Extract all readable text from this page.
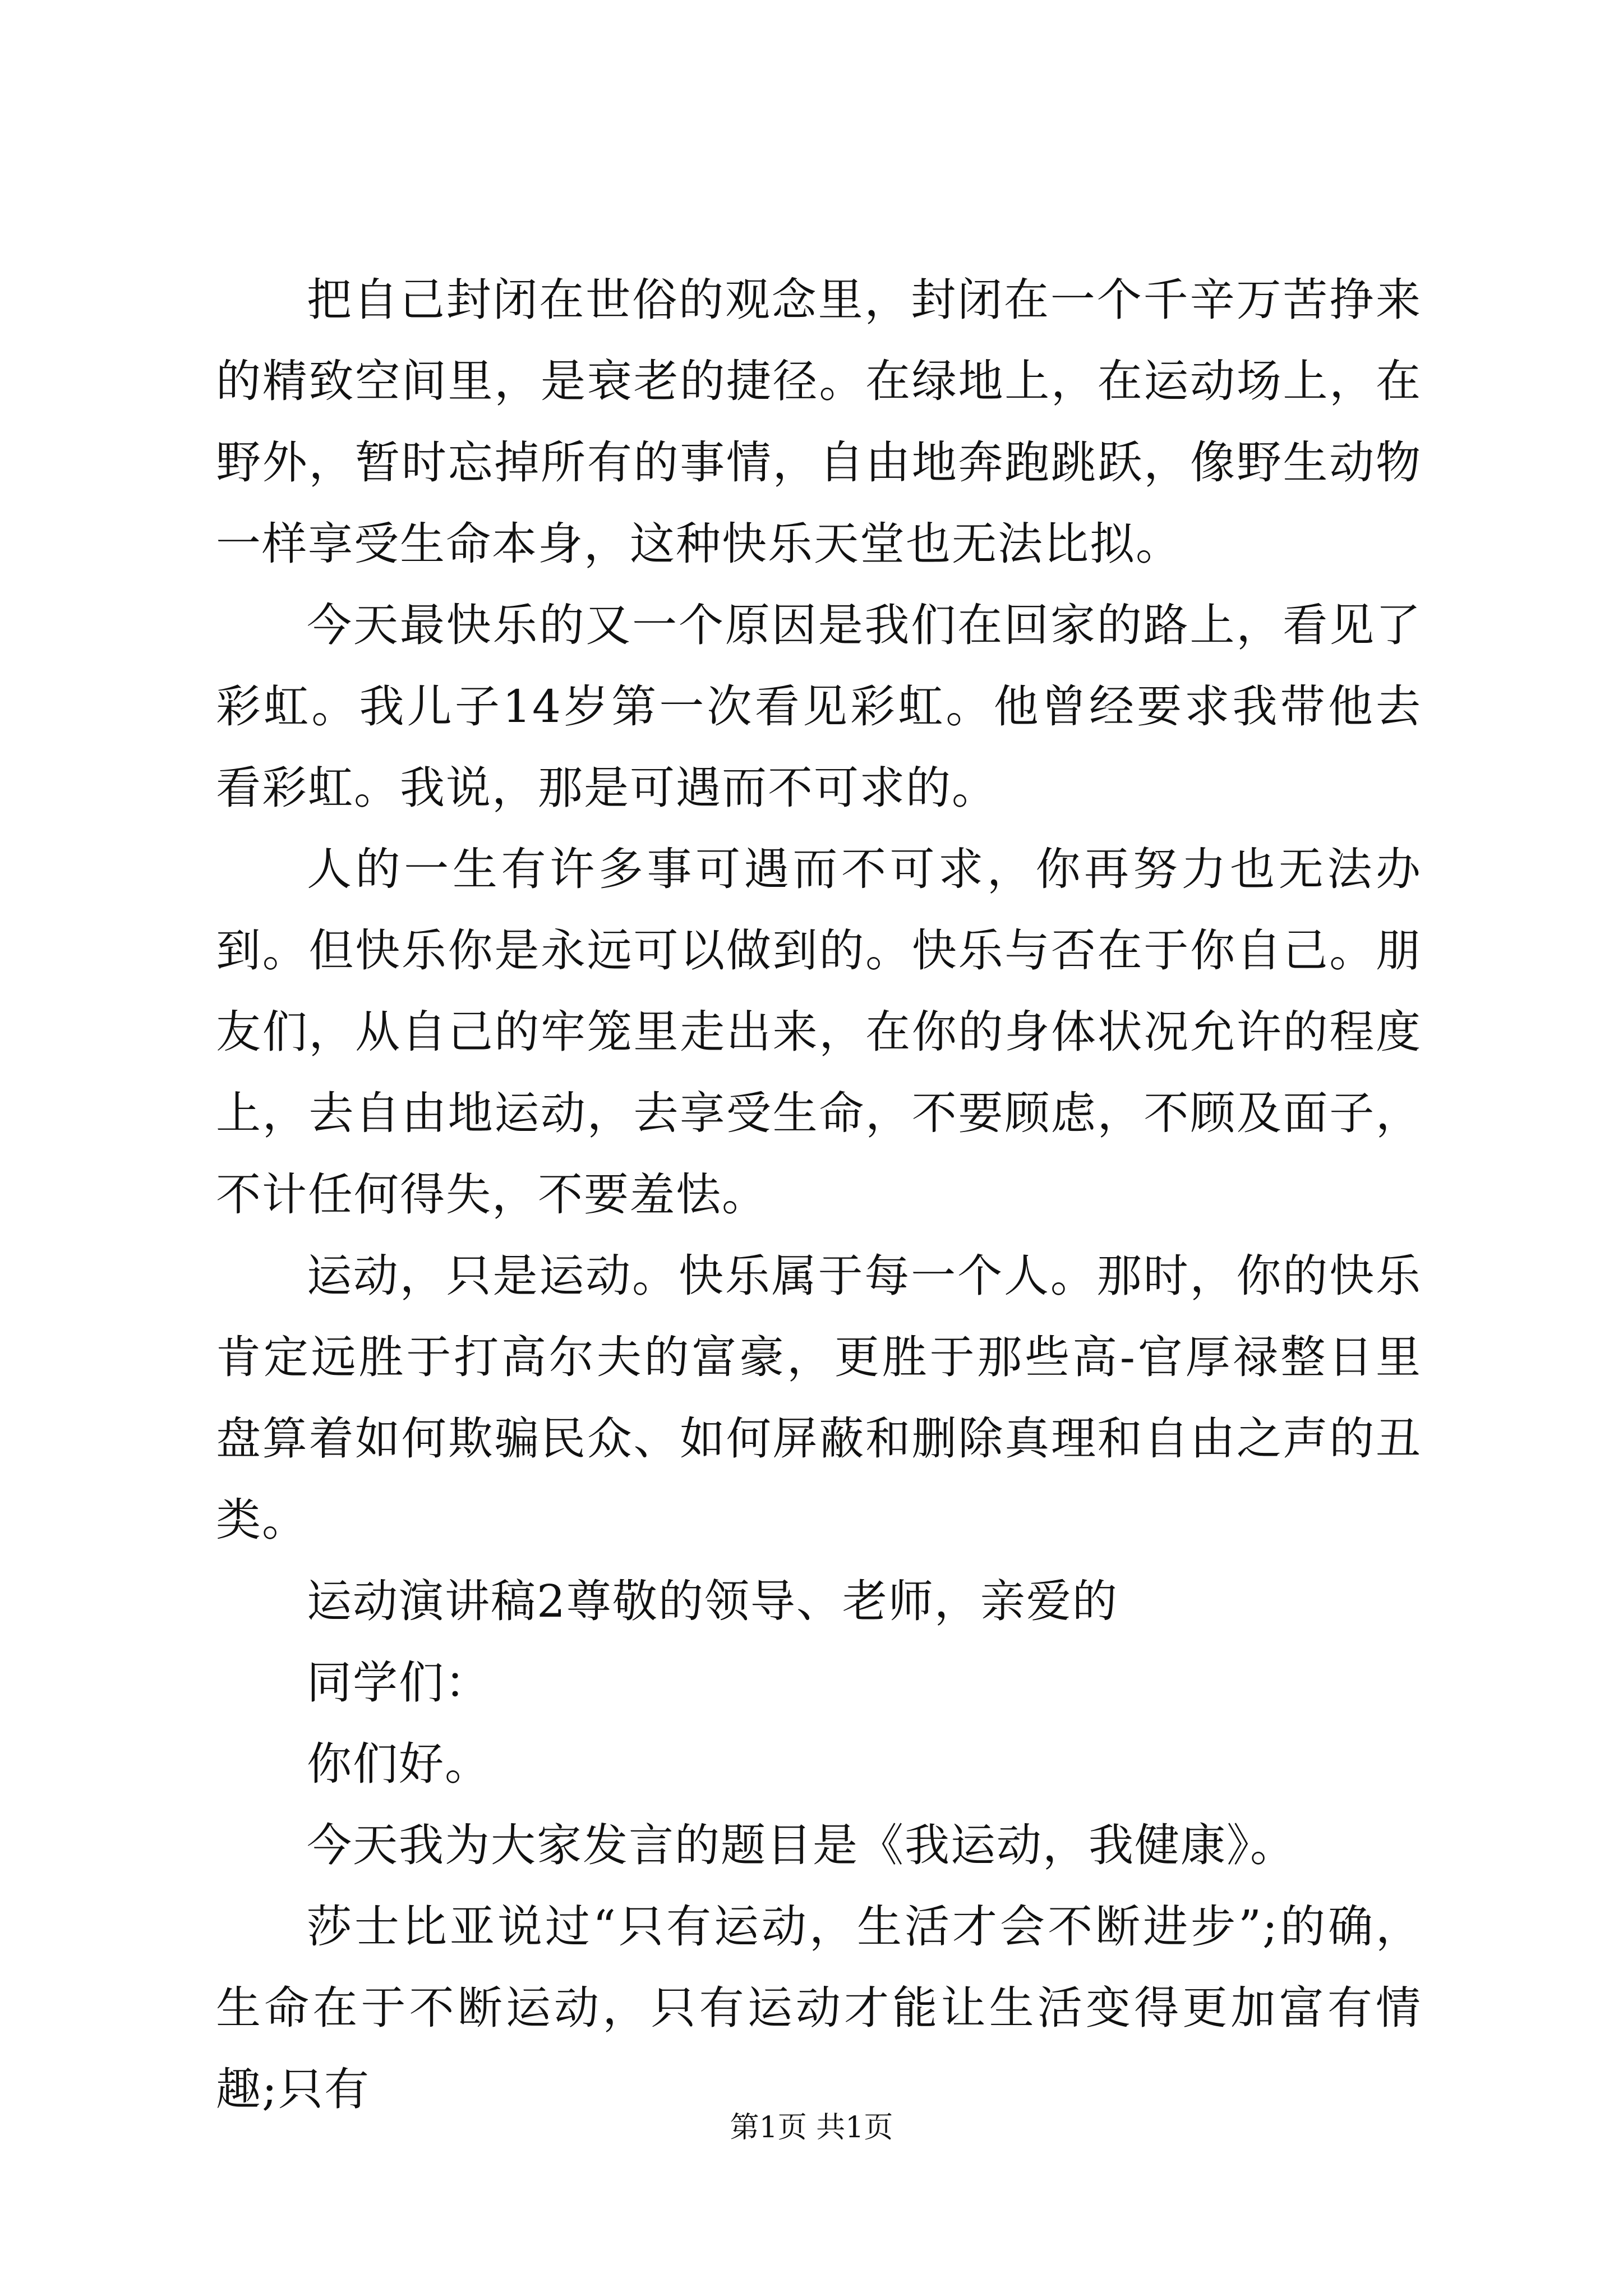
把自己封闭在世俗的观念里，封闭在一个千辛万苦挣来的精致空间里，是衰老的捷径。在绿地上，在运动场上，在野外，暂时忘掉所有的事情，自由地奔跑跳跃，像野生动物一样享受生命本身，这种快乐天堂也无法比拟。

今天最快乐的又一个原因是我们在回家的路上，看见了彩虹。我儿子14岁第一次看见彩虹。他曾经要求我带他去看彩虹。我说，那是可遇而不可求的。

人的一生有许多事可遇而不可求，你再努力也无法办到。但快乐你是永远可以做到的。快乐与否在于你自己。朋友们，从自己的牢笼里走出来，在你的身体状况允许的程度上，去自由地运动，去享受生命，不要顾虑，不顾及面子，不计任何得失，不要羞怯。

运动，只是运动。快乐属于每一个人。那时，你的快乐肯定远胜于打高尔夫的富豪，更胜于那些高-官厚禄整日里盘算着如何欺骗民众、如何屏蔽和删除真理和自由之声的丑类。

运动演讲稿2尊敬的领导、老师，亲爱的

同学们：

你们好。

今天我为大家发言的题目是《我运动，我健康》。

莎士比亚说过“只有运动，生活才会不断进步”;的确，生命在于不断运动，只有运动才能让生活变得更加富有情趣;只有

第1页 共1页
